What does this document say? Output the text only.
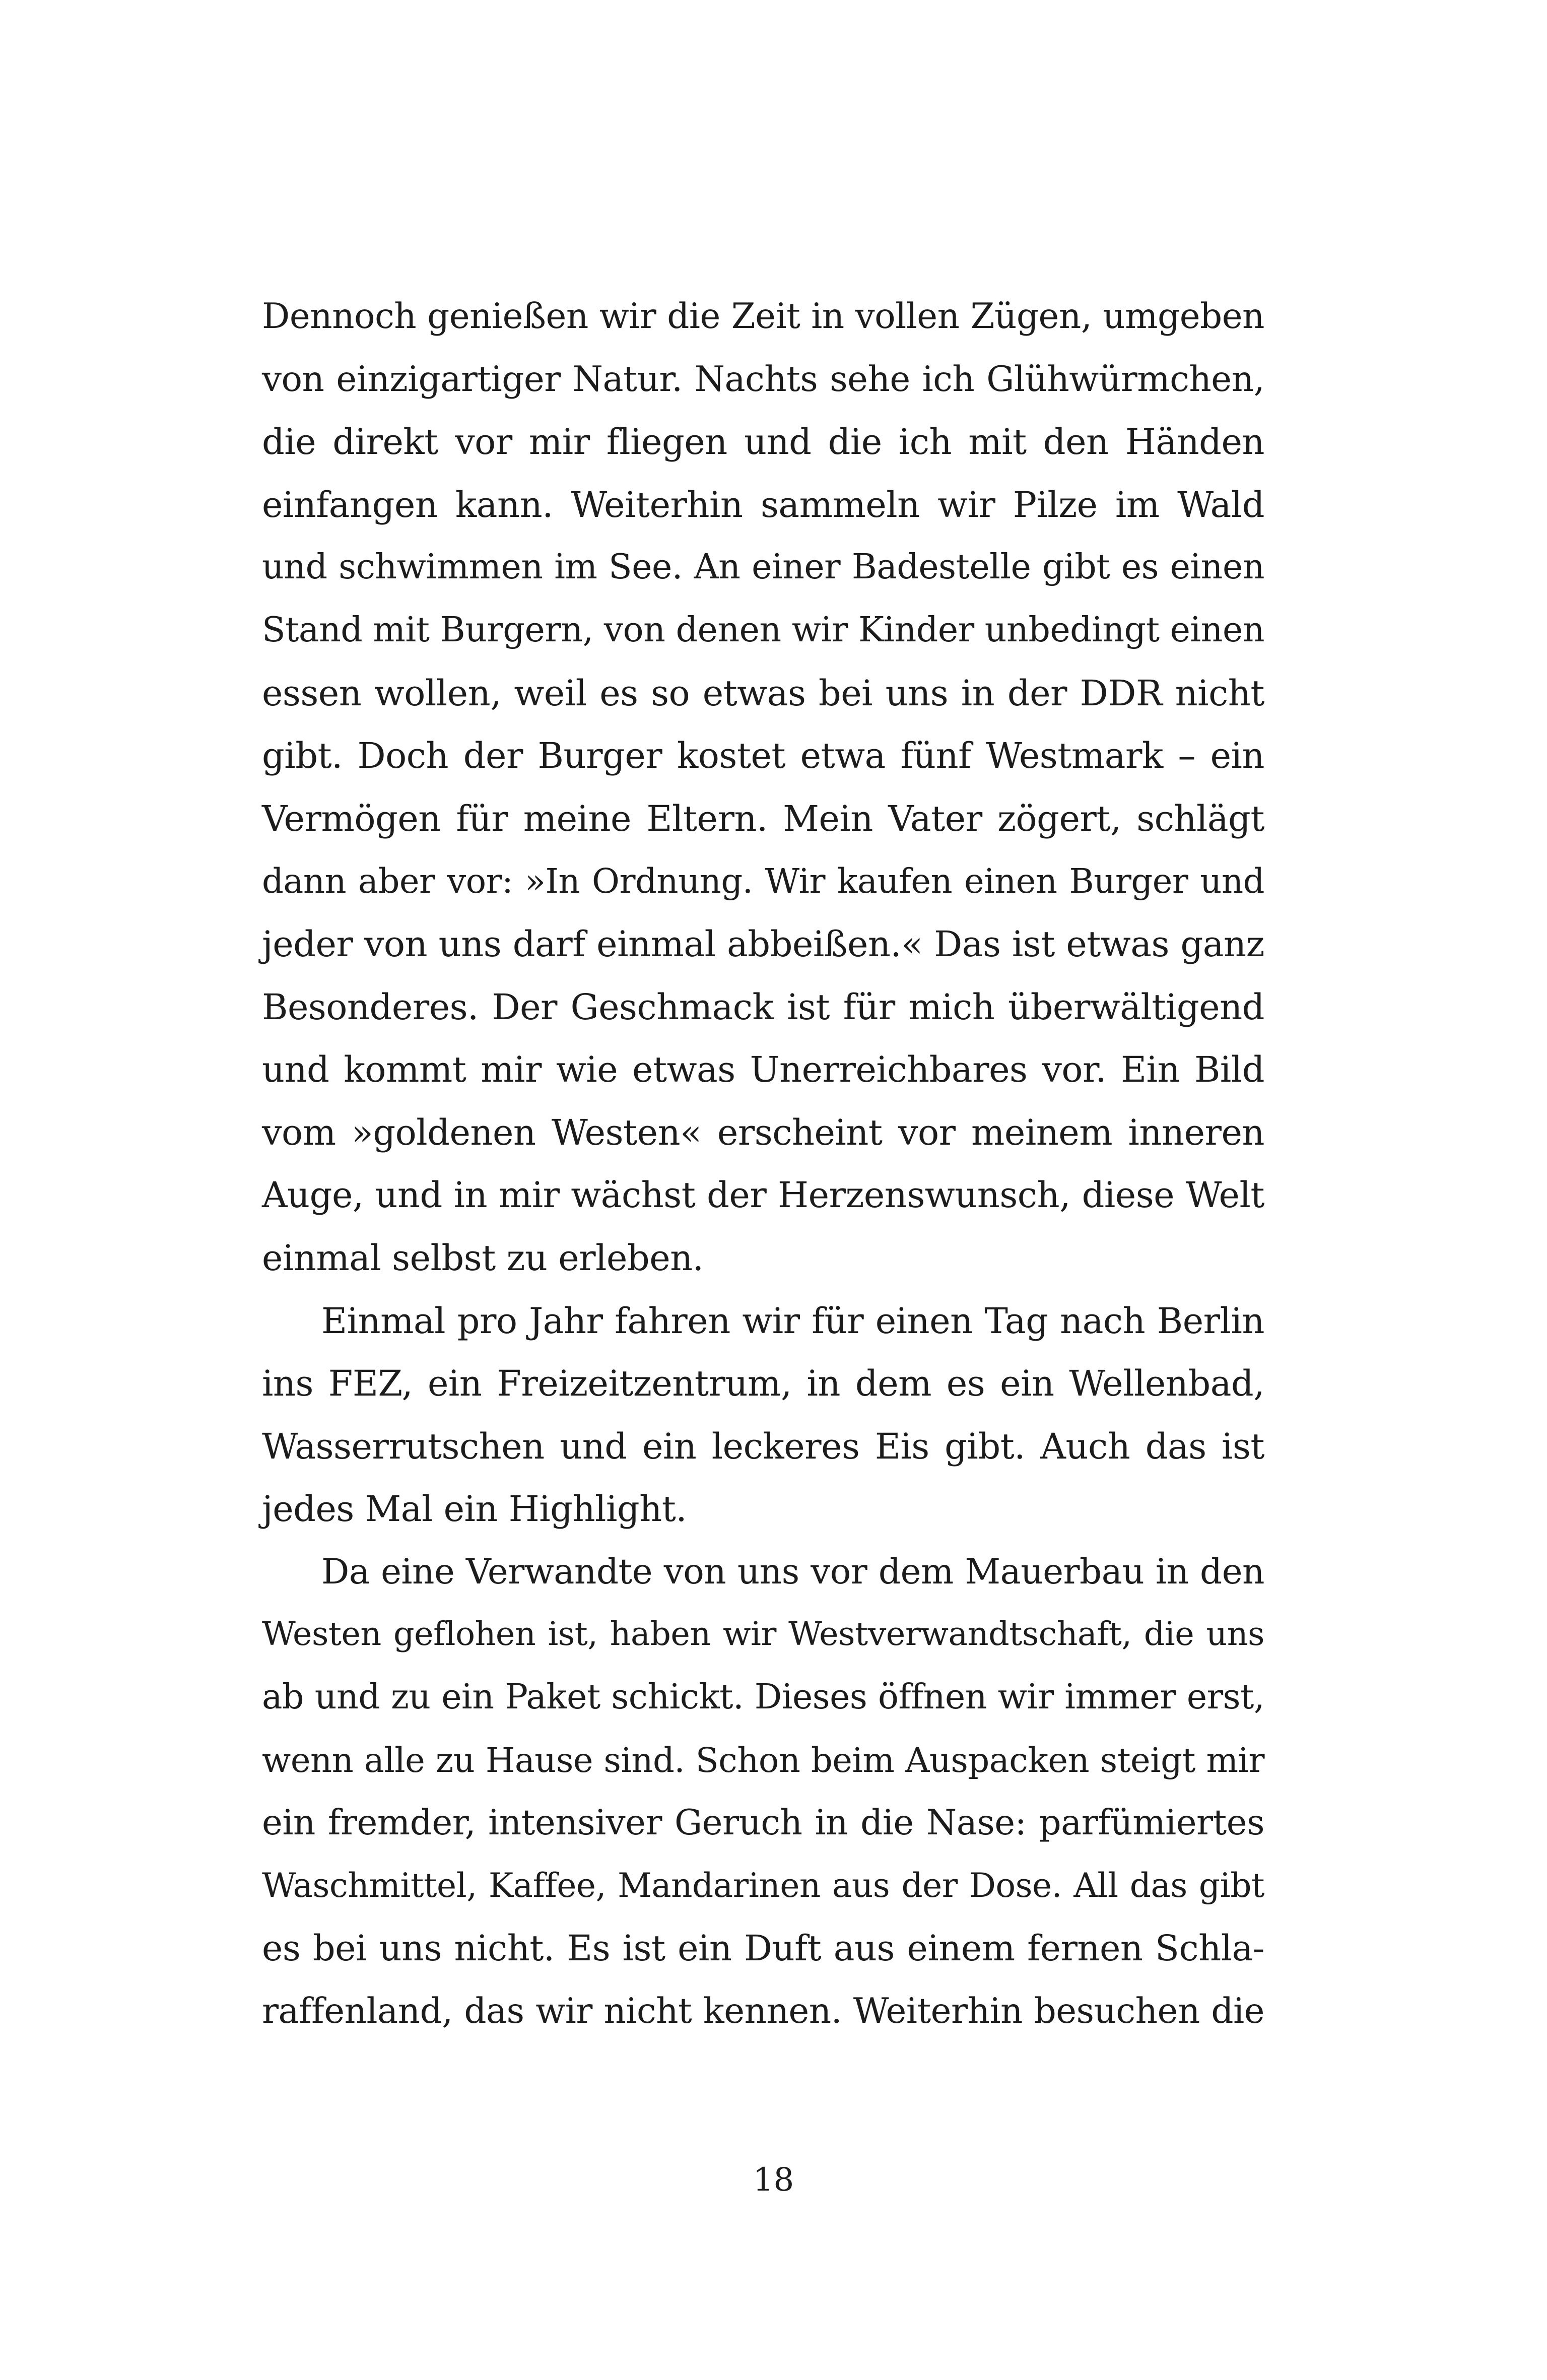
Dennoch genießen wir die Zeit in vollen Zügen, umgeben
von einzigartiger Natur. Nachts sehe ich Glühwürmchen,
die direkt vor mir fliegen und die ich mit den Händen
einfangen kann. Weiterhin sammeln wir Pilze im Wald
und schwimmen im See. An einer Badestelle gibt es einen
Stand mit Burgern, von denen wir Kinder unbedingt einen
essen wollen, weil es so etwas bei uns in der DDR nicht
gibt. Doch der Burger kostet etwa fünf Westmark – ein
Vermögen für meine Eltern. Mein Vater zögert, schlägt
dann aber vor: »In Ordnung. Wir kaufen einen Burger und
jeder von uns darf einmal abbeißen.« Das ist etwas ganz
Besonderes. Der Geschmack ist für mich überwältigend
und kommt mir wie etwas Unerreichbares vor. Ein Bild
vom »goldenen Westen« erscheint vor meinem inneren
Auge, und in mir wächst der Herzenswunsch, diese Welt
einmal selbst zu erleben.
Einmal pro Jahr fahren wir für einen Tag nach Berlin
ins FEZ, ein Freizeitzentrum, in dem es ein Wellenbad,
Wasserrutschen und ein leckeres Eis gibt. Auch das ist
jedes Mal ein Highlight.
Da eine Verwandte von uns vor dem Mauerbau in den
Westen geflohen ist, haben wir Westverwandtschaft, die uns
ab und zu ein Paket schickt. Dieses öffnen wir immer erst,
wenn alle zu Hause sind. Schon beim Auspacken steigt mir
ein fremder, intensiver Geruch in die Nase: parfümiertes
Waschmittel, Kaffee, Mandarinen aus der Dose. All das gibt
es bei uns nicht. Es ist ein Duft aus einem fernen Schla-
raffenland, das wir nicht kennen. Weiterhin besuchen die
18
